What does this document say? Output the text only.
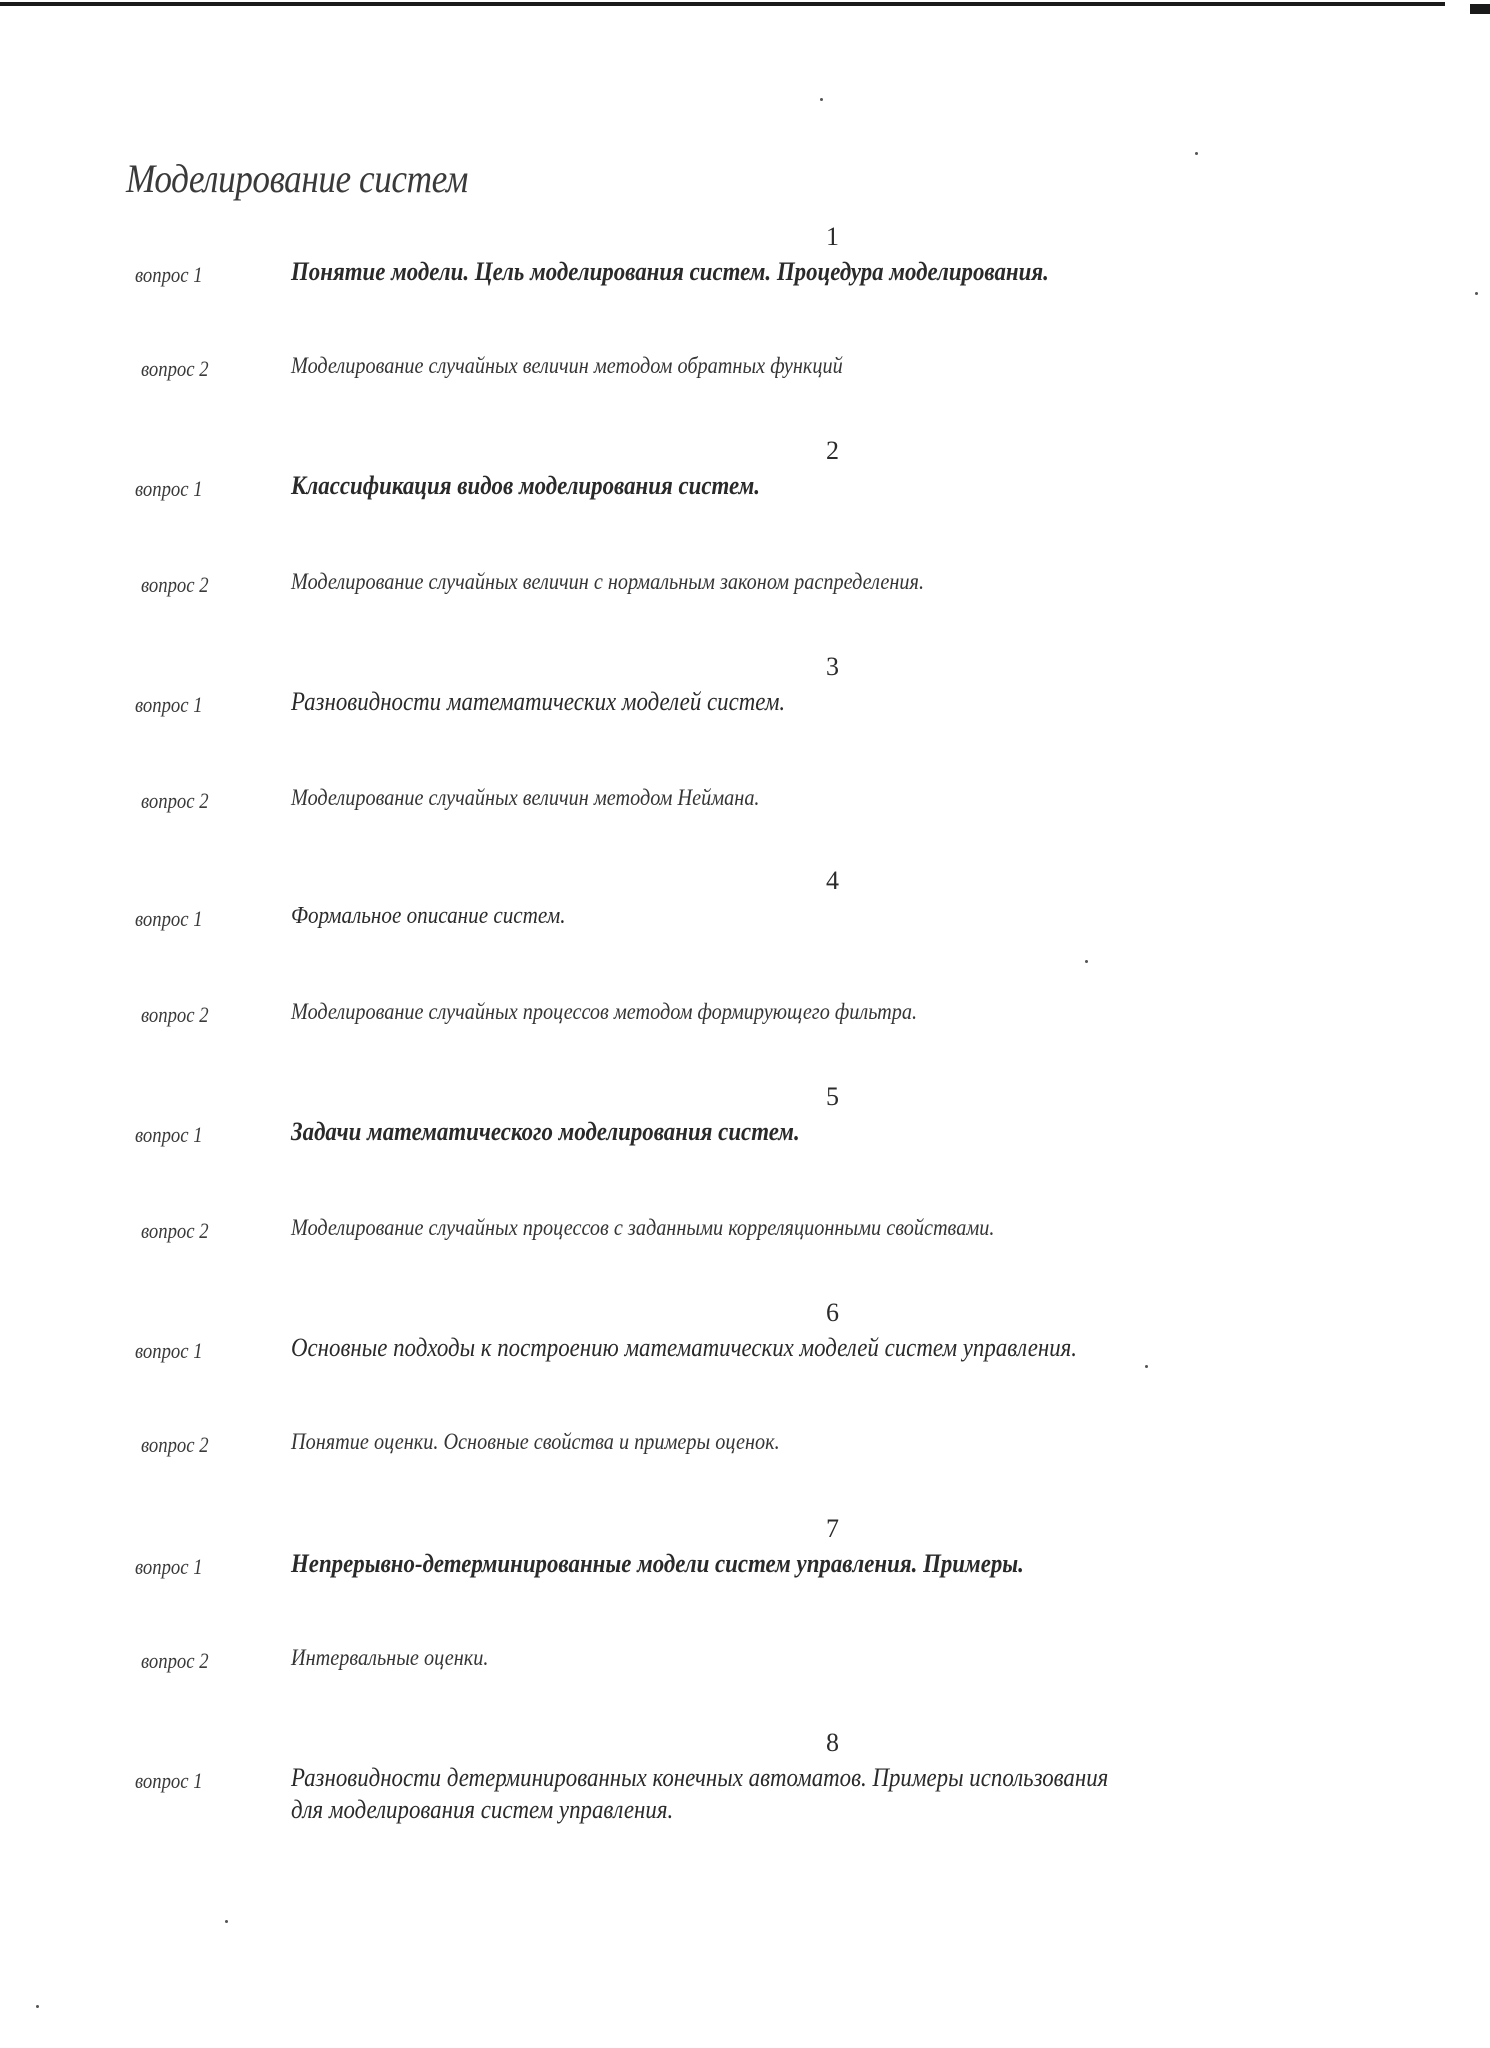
Моделирование систем
1
вопрос 1	Понятие модели. Цель моделирования систем. Процедура моделирования.
вопрос 2	Моделирование случайных величин методом обратных функций
2
вопрос 1	Классификация видов моделирования систем.
вопрос 2	Моделирование случайных величин с нормальным законом распределения.
3
вопрос 1	Разновидности математических моделей систем.
вопрос 2	Моделирование случайных величин методом Неймана.
4
вопрос 1	Формальное описание систем.
вопрос 2	Моделирование случайных процессов методом формирующего фильтра.
5
вопрос 1	Задачи математического моделирования систем.
вопрос 2	Моделирование случайных процессов с заданными корреляционными свойствами.
6
вопрос 1	Основные подходы к построению математических моделей систем управления.
вопрос 2	Понятие оценки. Основные свойства и примеры оценок.
7
вопрос 1	Непрерывно-детерминированные модели систем управления. Примеры.
вопрос 2	Интервальные оценки.
8
вопрос 1	Разновидности детерминированных конечных автоматов. Примеры использования для моделирования систем управления.
